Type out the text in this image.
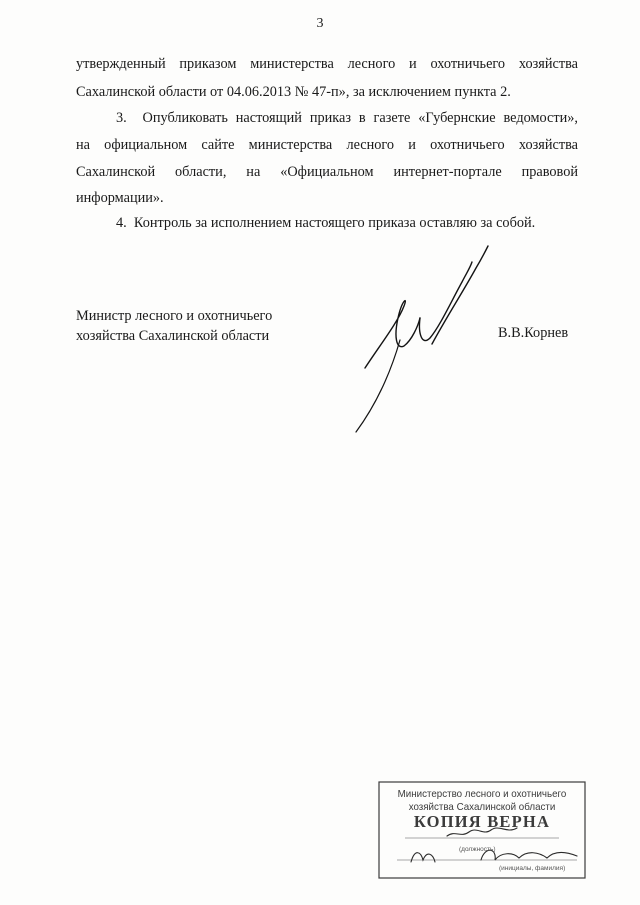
3
утвержденный приказом министерства лесного и охотничьего хозяйства
Сахалинской области от 04.06.2013 № 47-п», за исключением пункта 2.
3.  Опубликовать настоящий приказ в газете «Губернские ведомости»,
на официальном сайте министерства лесного и охотничьего хозяйства
Сахалинской области, на «Официальном интернет-портале правовой
информации».
4.  Контроль за исполнением настоящего приказа оставляю за собой.
Министр лесного и охотничьего
хозяйства Сахалинской области	В.В.Корнев
Министерство лесного и охотничьего
хозяйства Сахалинской области
КОПИЯ ВЕРНА
(должность)
(инициалы, фамилия)
